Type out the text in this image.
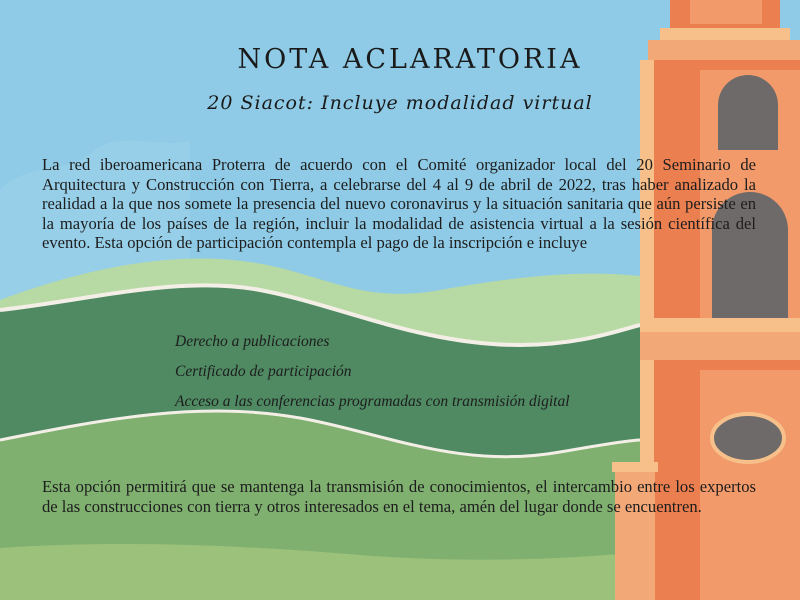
NOTA ACLARATORIA
20 Siacot: Incluye modalidad virtual

La red iberoamericana Proterra de acuerdo con el Comité organizador local del 20 Seminario de Arquitectura y Construcción con Tierra, a celebrarse del 4 al 9 de abril de 2022, tras haber analizado la realidad a la que nos somete la presencia del nuevo coronavirus y la situación sanitaria que aún persiste en la mayoría de los países de la región, incluir la modalidad de asistencia virtual a la sesión científica del evento. Esta opción de participación contempla el pago de la inscripción e incluye

Derecho a publicaciones
Certificado de participación
Acceso a las conferencias programadas con transmisión digital

Esta opción permitirá que se mantenga la transmisión de conocimientos, el intercambio entre los expertos de las construcciones con tierra y otros interesados en el tema, amén del lugar donde se encuentren.
